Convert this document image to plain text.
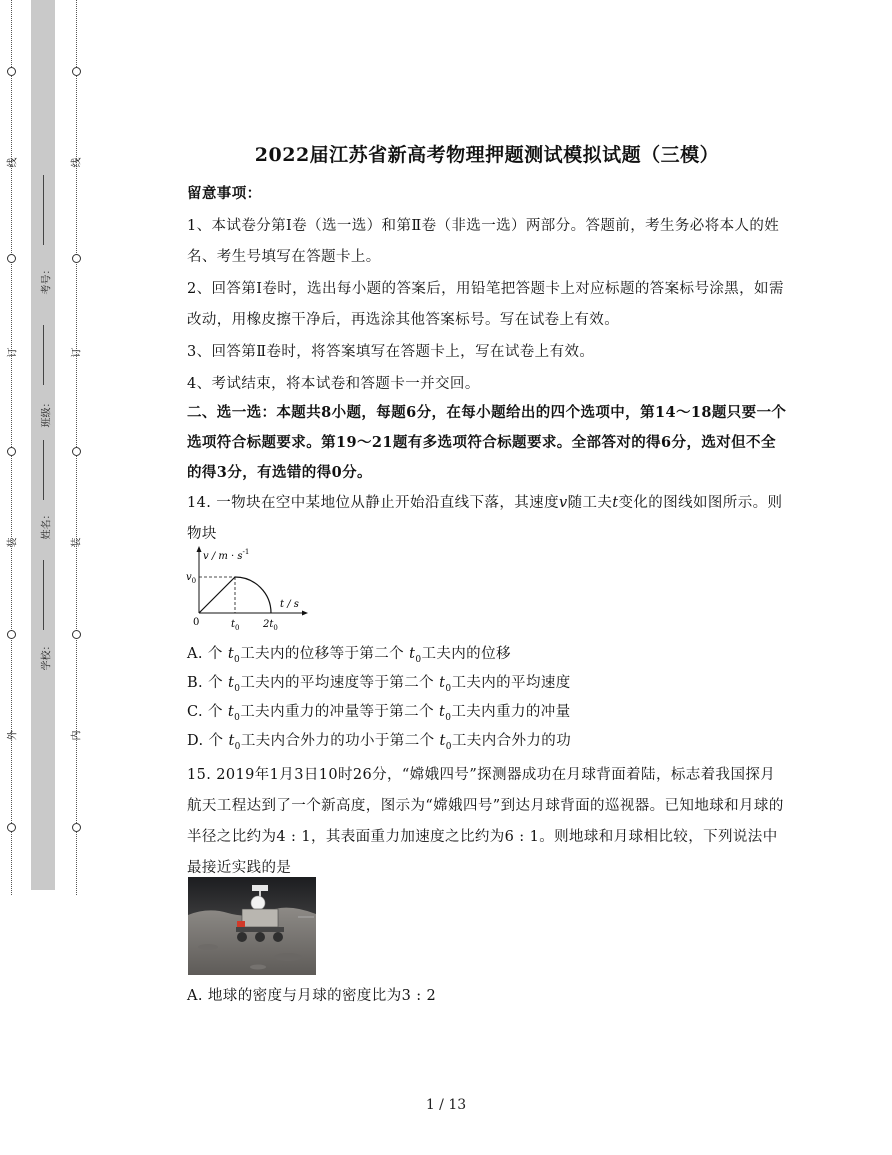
线
订
装
外
考号：
班级：
姓名：
学校：
线
订
装
内
2022届江苏省新高考物理押题测试模拟试题（三模）
留意事项：
1、本试卷分第Ⅰ卷（选一选）和第Ⅱ卷（非选一选）两部分。答题前，考生务必将本人的姓名、考生号填写在答题卡上。
2、回答第Ⅰ卷时，选出每小题的答案后，用铅笔把答题卡上对应标题的答案标号涂黑，如需改动，用橡皮擦干净后，再选涂其他答案标号。写在试卷上有效。
3、回答第Ⅱ卷时，将答案填写在答题卡上，写在试卷上有效。
4、考试结束，将本试卷和答题卡一并交回。
二、选一选：本题共8小题，每题6分，在每小题给出的四个选项中，第14～18题只要一个选项符合标题要求。第19～21题有多选项符合标题要求。全部答对的得6分，选对但不全的得3分，有选错的得0分。
14. 一物块在空中某地位从静止开始沿直线下落，其速度v随工夫t变化的图线如图所示。则物块
A. 个 $t_0$工夫内的位移等于第二个 $t_0$工夫内的位移
B. 个 $t_0$工夫内的平均速度等于第二个 $t_0$工夫内的平均速度
C. 个 $t_0$工夫内重力的冲量等于第二个 $t_0$工夫内重力的冲量
D. 个 $t_0$工夫内合外力的功小于第二个 $t_0$工夫内合外力的功
15. 2019年1月3日10时26分，“嫦娥四号”探测器成功在月球背面着陆，标志着我国探月航天工程达到了一个新高度，图示为“嫦娥四号”到达月球背面的巡视器。已知地球和月球的半径之比约为4 : 1，其表面重力加速度之比约为6 : 1。则地球和月球相比较，下列说法中最接近实践的是
A. 地球的密度与月球的密度比为3 : 2
$v / m \cdot s^{-1}$
$v_0$
t / s
0	$t_0$ $2t_0$
1 / 13
